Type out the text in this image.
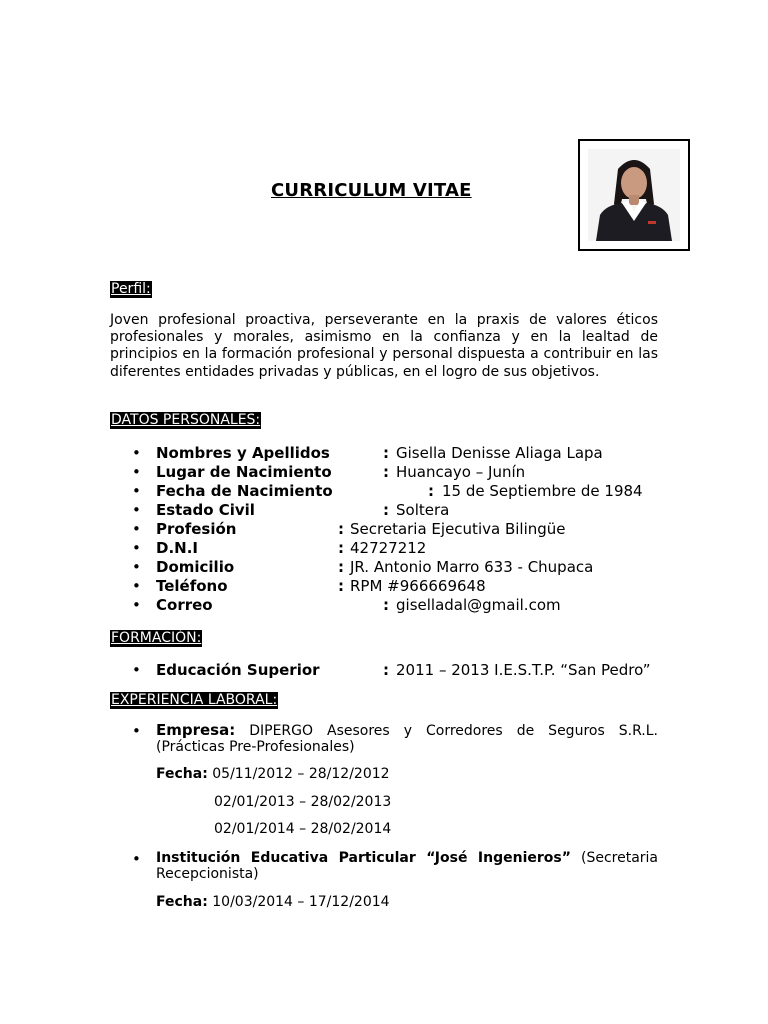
CURRICULUM VITAE
Perfil:
Joven profesional proactiva, perseverante en la praxis de valores éticos profesionales y morales, asimismo en la confianza y en la lealtad de principios en la formación profesional y personal dispuesta a contribuir en las diferentes entidades privadas y públicas, en el logro de sus objetivos.
DATOS PERSONALES:
• Nombres y Apellidos	: Gisella Denisse Aliaga Lapa
• Lugar de Nacimiento	: Huancayo – Junín
• Fecha de Nacimiento	: 15 de Septiembre de 1984
• Estado Civil	: Soltera
• Profesión	: Secretaria Ejecutiva Bilingüe
• D.N.I	: 42727212
• Domicilio	: JR. Antonio Marro 633 - Chupaca
• Teléfono	: RPM #966669648
• Correo	: giselladal@gmail.com
FORMACIÓN:
• Educación Superior	: 2011 – 2013 I.E.S.T.P. “San Pedro”
EXPERIENCIA LABORAL:
• Empresa: DIPERGO Asesores y Corredores de Seguros S.R.L. (Prácticas Pre-Profesionales)
Fecha: 05/11/2012 – 28/12/2012
02/01/2013 – 28/02/2013
02/01/2014 – 28/02/2014
• Institución Educativa Particular “José Ingenieros” (Secretaria Recepcionista)
Fecha: 10/03/2014 – 17/12/2014
